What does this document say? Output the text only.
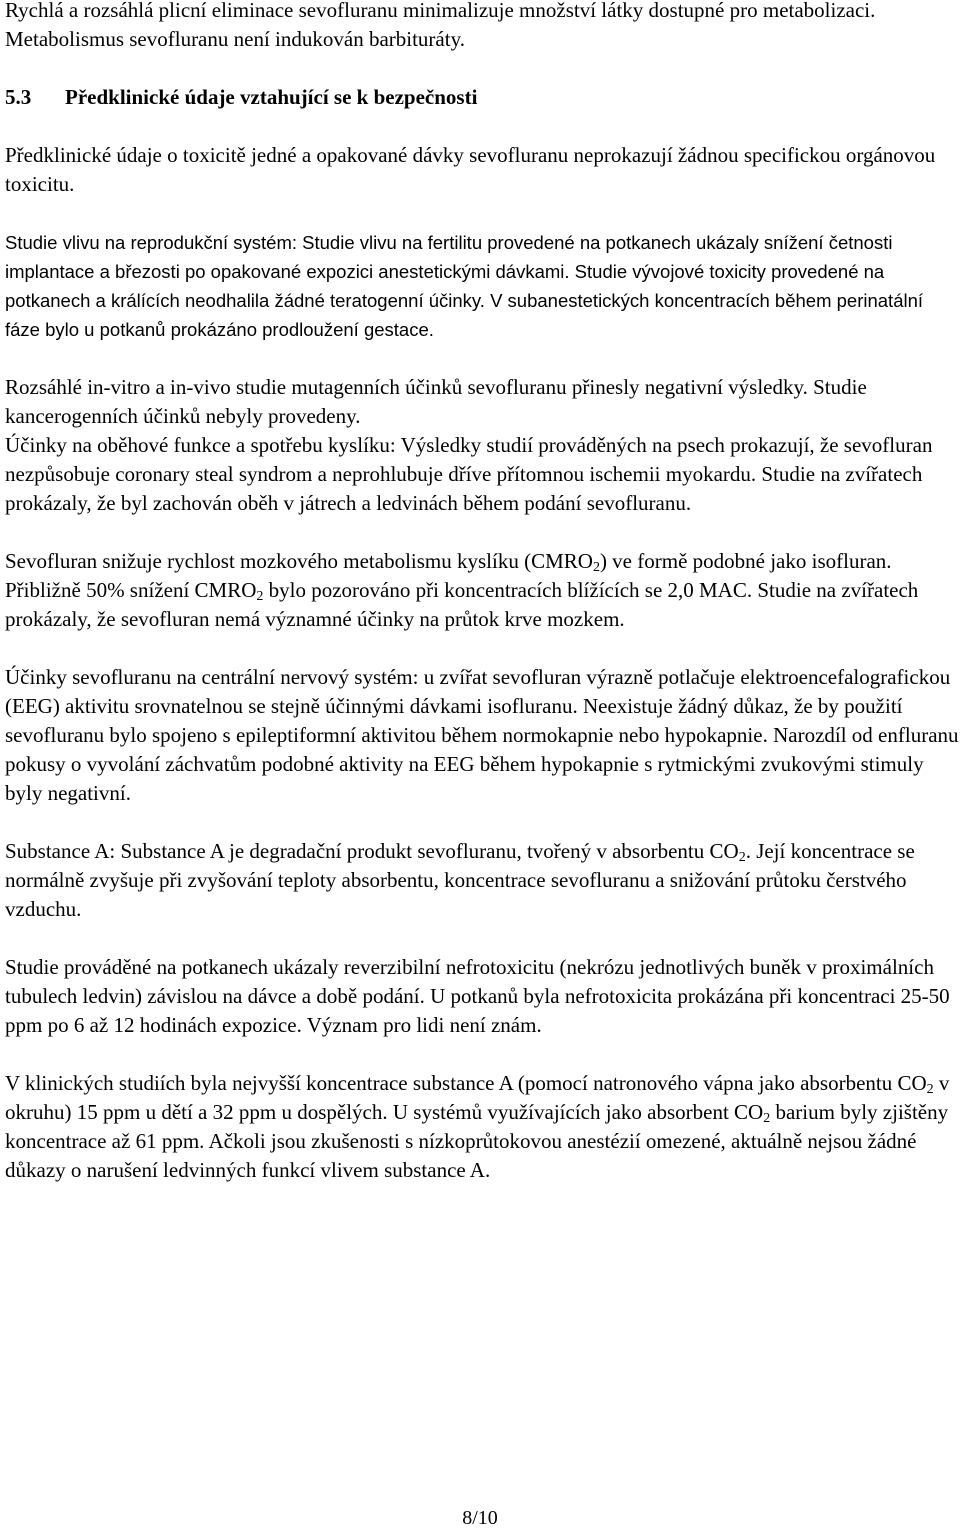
Rychlá a rozsáhlá plicní eliminace sevofluranu minimalizuje množství látky dostupné pro metabolizaci. Metabolismus sevofluranu není indukován barbituráty.

5.3 Předklinické údaje vztahující se k bezpečnosti

Předklinické údaje o toxicitě jedné a opakované dávky sevofluranu neprokazují žádnou specifickou orgánovou toxicitu.

Studie vlivu na reprodukční systém: Studie vlivu na fertilitu provedené na potkanech ukázaly snížení četnosti implantace a březosti po opakované expozici anestetickými dávkami. Studie vývojové toxicity provedené na potkanech a králících neodhalila žádné teratogenní účinky. V subanestetických koncentracích během perinatální fáze bylo u potkanů prokázáno prodloužení gestace.

Rozsáhlé in-vitro a in-vivo studie mutagenních účinků sevofluranu přinesly negativní výsledky. Studie kancerogenních účinků nebyly provedeny.

Účinky na oběhové funkce a spotřebu kyslíku: Výsledky studií prováděných na psech prokazují, že sevofluran nezpůsobuje coronary steal syndrom a neprohlubuje dříve přítomnou ischemii myokardu. Studie na zvířatech prokázaly, že byl zachován oběh v játrech a ledvinách během podání sevofluranu.

Sevofluran snižuje rychlost mozkového metabolismu kyslíku $(CMRO_2)$ ve formě podobné jako isofluran. Přibližně 50% snížení $CMRO_2$ bylo pozorováno při koncentracích blížících se 2,0 MAC. Studie na zvířatech prokázaly, že sevofluran nemá významné účinky na průtok krve mozkem.

Účinky sevofluranu na centrální nervový systém: u zvířat sevofluran výrazně potlačuje elektroencefalografickou (EEG) aktivitu srovnatelnou se stejně účinnými dávkami isofluranu. Neexistuje žádný důkaz, že by použití sevofluranu bylo spojeno s epileptiformní aktivitou během normokapnie nebo hypokapnie. Narozdíl od enfluranu pokusy o vyvolání záchvatům podobné aktivity na EEG během hypokapnie s rytmickými zvukovými stimuly byly negativní.

Substance A: Substance A je degradační produkt sevofluranu, tvořený v absorbentu $CO_2$. Její koncentrace se normálně zvyšuje při zvyšování teploty absorbentu, koncentrace sevofluranu a snižování průtoku čerstvého vzduchu.

Studie prováděné na potkanech ukázaly reverzibilní nefrotoxicitu (nekrózu jednotlivých buněk v proximálních tubulech ledvin) závislou na dávce a době podání. U potkanů byla nefrotoxicita prokázána při koncentraci 25-50 ppm po 6 až 12 hodinách expozice. Význam pro lidi není znám.

V klinických studiích byla nejvyšší koncentrace substance A (pomocí natronového vápna jako absorbentu $CO_2$ v okruhu) 15 ppm u dětí a 32 ppm u dospělých. U systémů využívajících jako absorbent $CO_2$ barium byly zjištěny koncentrace až 61 ppm. Ačkoli jsou zkušenosti s nízkoprůtokovou anestézií omezené, aktuálně nejsou žádné důkazy o narušení ledvinných funkcí vlivem substance A.

8/10
